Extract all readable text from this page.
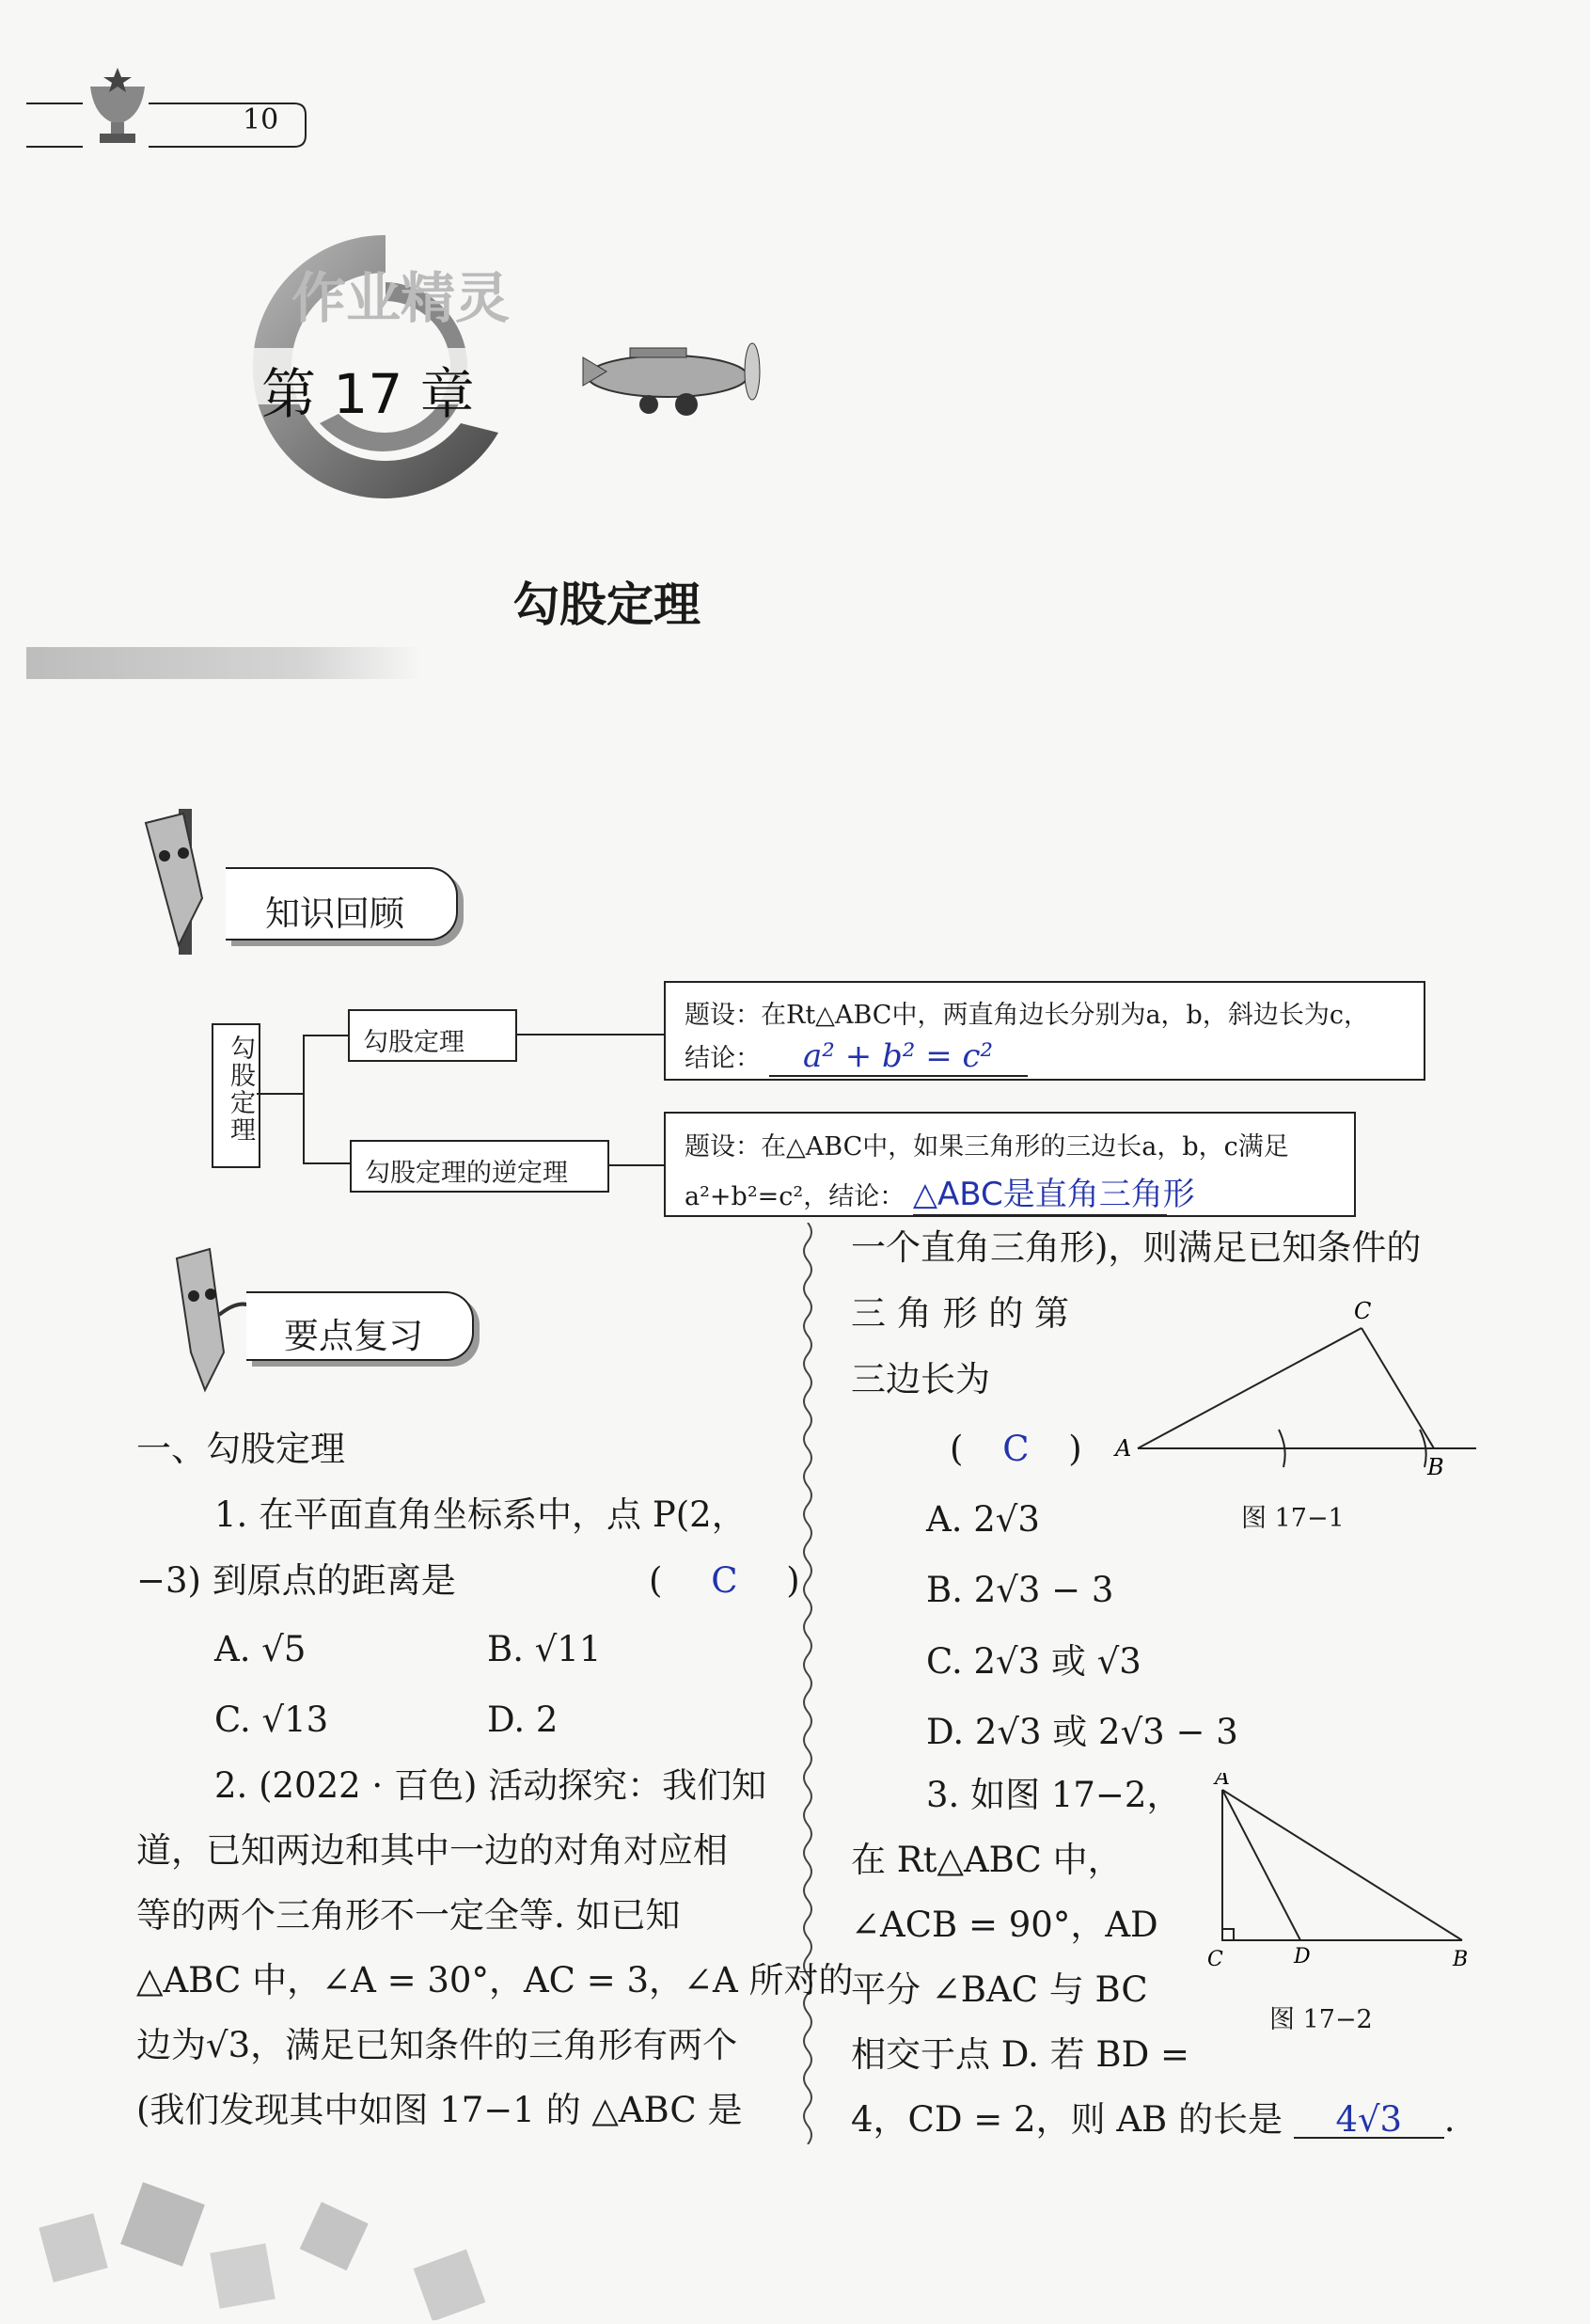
10
作业精灵
第 17 章
勾股定理
知识回顾
勾股定理	勾股定理
题设：在Rt△ABC中，两直角边长分别为a，b，斜边长为c，
结论： a² + b² = c²
勾股定理的逆定理
题设：在△ABC中，如果三角形的三边长a，b，c满足
a²+b²=c²，结论： △ABC是直角三角形
要点复习
一、勾股定理
1. 在平面直角坐标系中，点 P(2，
−3) 到原点的距离是	( C )
A. √5	B. √11
C. √13	D. 2
2. (2022 · 百色) 活动探究：我们知
道，已知两边和其中一边的对角对应相
等的两个三角形不一定全等. 如已知
△ABC 中，∠A = 30°，AC = 3，∠A 所对的
边为√3，满足已知条件的三角形有两个
(我们发现其中如图 17−1 的 △ABC 是
一个直角三角形)，则满足已知条件的
三 角 形 的 第
三边长为
( C )
A. 2√3
B. 2√3 − 3
C. 2√3 或 √3
D. 2√3 或 2√3 − 3
A
B
C
图 17−1
3. 如图 17−2，
在 Rt△ABC 中，
∠ACB = 90°，AD
平分 ∠BAC 与 BC
相交于点 D. 若 BD =
4，CD = 2，则 AB 的长是 4√3 .
A
C	D	B
图 17−2
